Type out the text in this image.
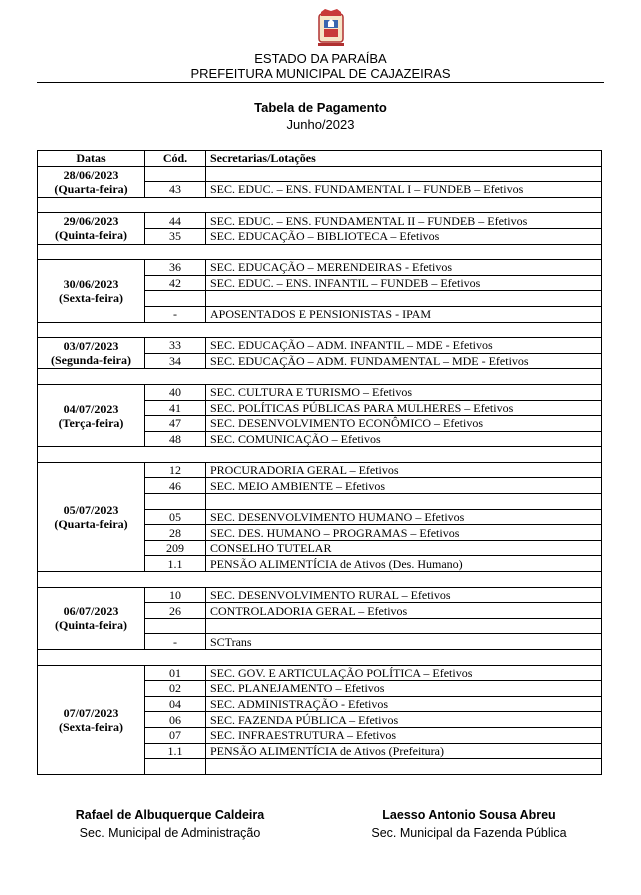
ESTADO DA PARAÍBA
PREFEITURA MUNICIPAL DE CAJAZEIRAS
Tabela de Pagamento
Junho/2023
Datas	Cód.	Secretarias/Lotações

28/06/2023
(Quarta-feira)		

	43	SEC. EDUC. – ENS. FUNDAMENTAL I – FUNDEB – Efetivos

29/06/2023
(Quinta-feira)	44	SEC. EDUC. – ENS. FUNDAMENTAL II – FUNDEB – Efetivos
	35	SEC. EDUCAÇÃO – BIBLIOTECA – Efetivos

30/06/2023
(Sexta-feira)	36	SEC. EDUCAÇÃO – MERENDEIRAS - Efetivos
	42	SEC. EDUC. – ENS. INFANTIL – FUNDEB – Efetivos

	-	APOSENTADOS E PENSIONISTAS - IPAM

03/07/2023
(Segunda-feira)	33	SEC. EDUCAÇÃO – ADM. INFANTIL – MDE - Efetivos
	34	SEC. EDUCAÇÃO – ADM. FUNDAMENTAL – MDE - Efetivos

04/07/2023
(Terça-feira)	40	SEC. CULTURA E TURISMO – Efetivos
	41	SEC. POLÍTICAS PÚBLICAS PARA MULHERES – Efetivos
	47	SEC. DESENVOLVIMENTO ECONÔMICO – Efetivos
	48	SEC. COMUNICAÇÃO – Efetivos

05/07/2023
(Quarta-feira)	12	PROCURADORIA GERAL – Efetivos
	46	SEC. MEIO AMBIENTE – Efetivos

	05	SEC. DESENVOLVIMENTO HUMANO – Efetivos
	28	SEC. DES. HUMANO – PROGRAMAS – Efetivos
	209	CONSELHO TUTELAR
	1.1	PENSÃO ALIMENTÍCIA de Ativos (Des. Humano)

06/07/2023
(Quinta-feira)	10	SEC. DESENVOLVIMENTO RURAL – Efetivos
	26	CONTROLADORIA GERAL – Efetivos

	-	SCTrans

07/07/2023
(Sexta-feira)	01	SEC. GOV. E ARTICULAÇÃO POLÍTICA – Efetivos
	02	SEC. PLANEJAMENTO – Efetivos
	04	SEC. ADMINISTRAÇÃO - Efetivos
	06	SEC. FAZENDA PÚBLICA – Efetivos
	07	SEC. INFRAESTRUTURA – Efetivos
	1.1	PENSÃO ALIMENTÍCIA de Ativos (Prefeitura)

Rafael de Albuquerque Caldeira
Sec. Municipal de Administração
Laesso Antonio Sousa Abreu
Sec. Municipal da Fazenda Pública
